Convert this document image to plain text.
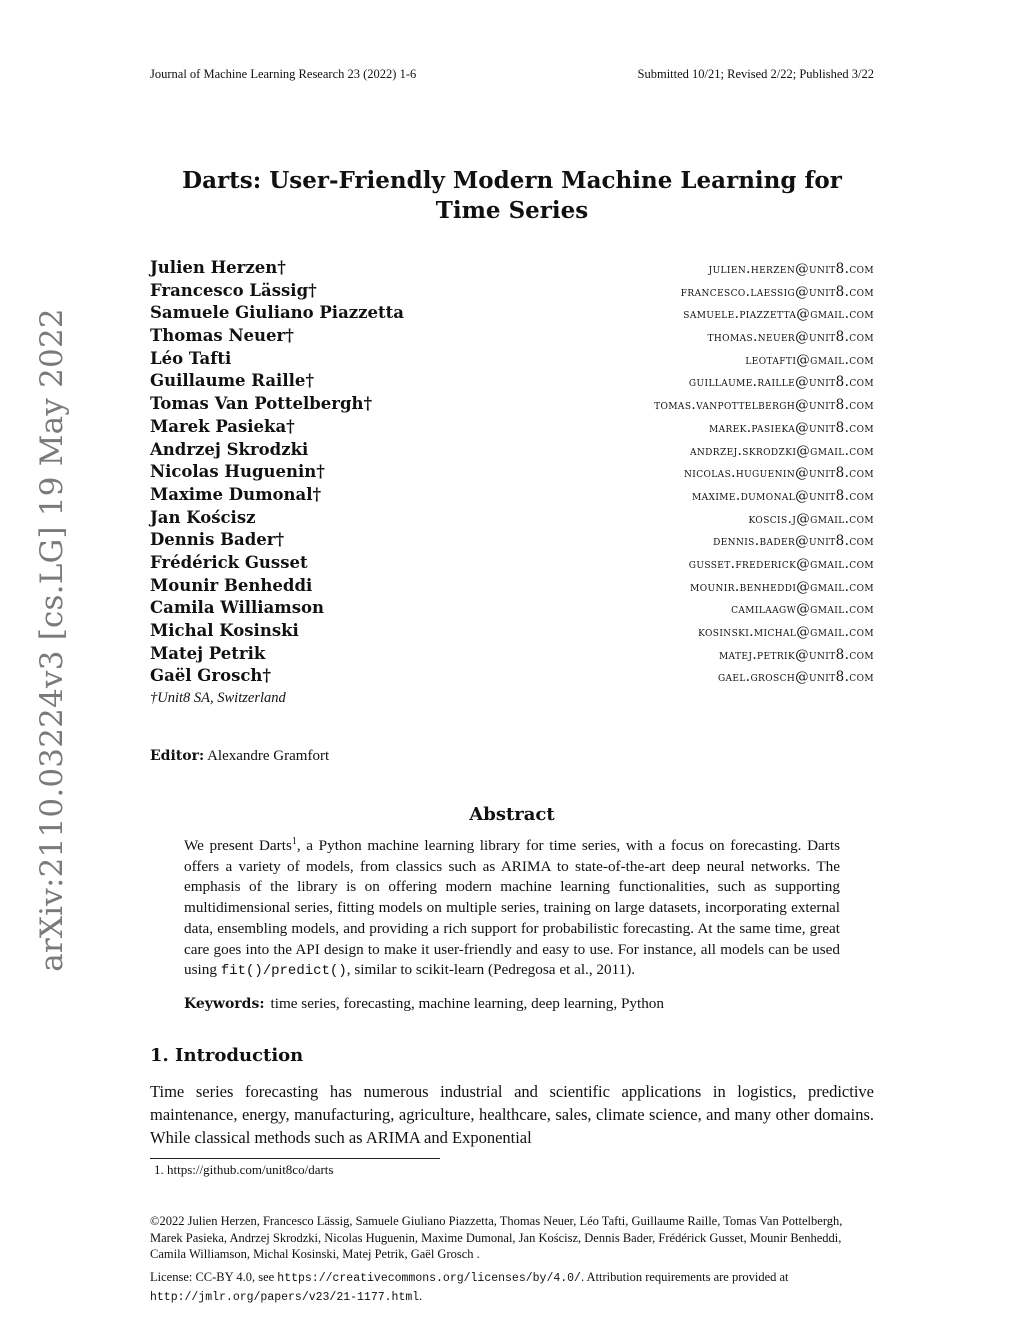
arXiv:2110.03224v3 [cs.LG] 19 May 2022
Journal of Machine Learning Research 23 (2022) 1-6	Submitted 10/21; Revised 2/22; Published 3/22
Darts: User-Friendly Modern Machine Learning for Time Series
Julien Herzen†	julien.herzen@unit8.com
Francesco Lässig†	francesco.laessig@unit8.com
Samuele Giuliano Piazzetta	samuele.piazzetta@gmail.com
Thomas Neuer†	thomas.neuer@unit8.com
Léo Tafti	leotafti@gmail.com
Guillaume Raille†	guillaume.raille@unit8.com
Tomas Van Pottelbergh†	tomas.vanpottelbergh@unit8.com
Marek Pasieka†	marek.pasieka@unit8.com
Andrzej Skrodzki	andrzej.skrodzki@gmail.com
Nicolas Huguenin†	nicolas.huguenin@unit8.com
Maxime Dumonal†	maxime.dumonal@unit8.com
Jan Kościsz	koscis.j@gmail.com
Dennis Bader†	dennis.bader@unit8.com
Frédérick Gusset	gusset.frederick@gmail.com
Mounir Benheddi	mounir.benheddi@gmail.com
Camila Williamson	camilaagw@gmail.com
Michal Kosinski	kosinski.michal@gmail.com
Matej Petrik	matej.petrik@unit8.com
Gaël Grosch†	gael.grosch@unit8.com
†Unit8 SA, Switzerland
Editor: Alexandre Gramfort
Abstract
We present Darts$^1$, a Python machine learning library for time series, with a focus on forecasting. Darts offers a variety of models, from classics such as ARIMA to state-of-the-art deep neural networks. The emphasis of the library is on offering modern machine learning functionalities, such as supporting multidimensional series, fitting models on multiple series, training on large datasets, incorporating external data, ensembling models, and providing a rich support for probabilistic forecasting. At the same time, great care goes into the API design to make it user-friendly and easy to use. For instance, all models can be used using fit()/predict(), similar to scikit-learn (Pedregosa et al., 2011).
Keywords: time series, forecasting, machine learning, deep learning, Python
1. Introduction
Time series forecasting has numerous industrial and scientific applications in logistics, predictive maintenance, energy, manufacturing, agriculture, healthcare, sales, climate science, and many other domains. While classical methods such as ARIMA and Exponential
1. https://github.com/unit8co/darts
©2022 Julien Herzen, Francesco Lässig, Samuele Giuliano Piazzetta, Thomas Neuer, Léo Tafti, Guillaume Raille, Tomas Van Pottelbergh, Marek Pasieka, Andrzej Skrodzki, Nicolas Huguenin, Maxime Dumonal, Jan Kościsz, Dennis Bader, Frédérick Gusset, Mounir Benheddi, Camila Williamson, Michal Kosinski, Matej Petrik, Gaël Grosch .
License: CC-BY 4.0, see https://creativecommons.org/licenses/by/4.0/. Attribution requirements are provided at http://jmlr.org/papers/v23/21-1177.html.
